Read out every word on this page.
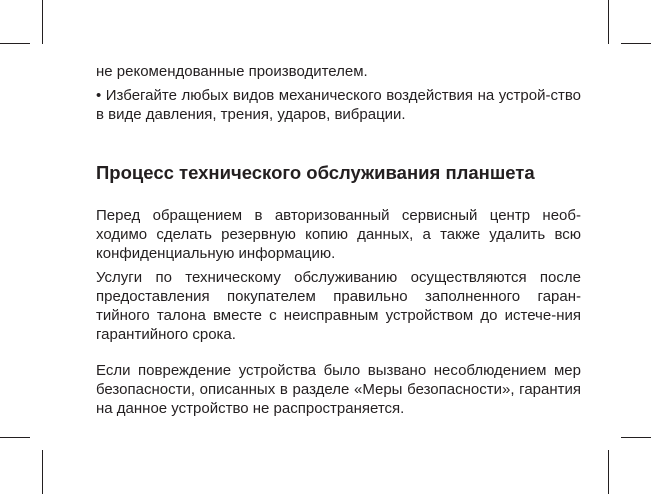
не рекомендованные производителем.

• Избегайте любых видов механического воздействия на устрой-ство в виде давления, трения, ударов, вибрации.

Процесс технического обслуживания планшета

Перед обращением в авторизованный сервисный центр необ-ходимо сделать резервную копию данных, а также удалить всю конфиденциальную информацию.

Услуги по техническому обслуживанию осуществляются после предоставления покупателем правильно заполненного гаран-тийного талона вместе с неисправным устройством до истече-ния гарантийного срока.

Если повреждение устройства было вызвано несоблюдением мер безопасности, описанных в разделе «Меры безопасности», гарантия на данное устройство не распространяется.
